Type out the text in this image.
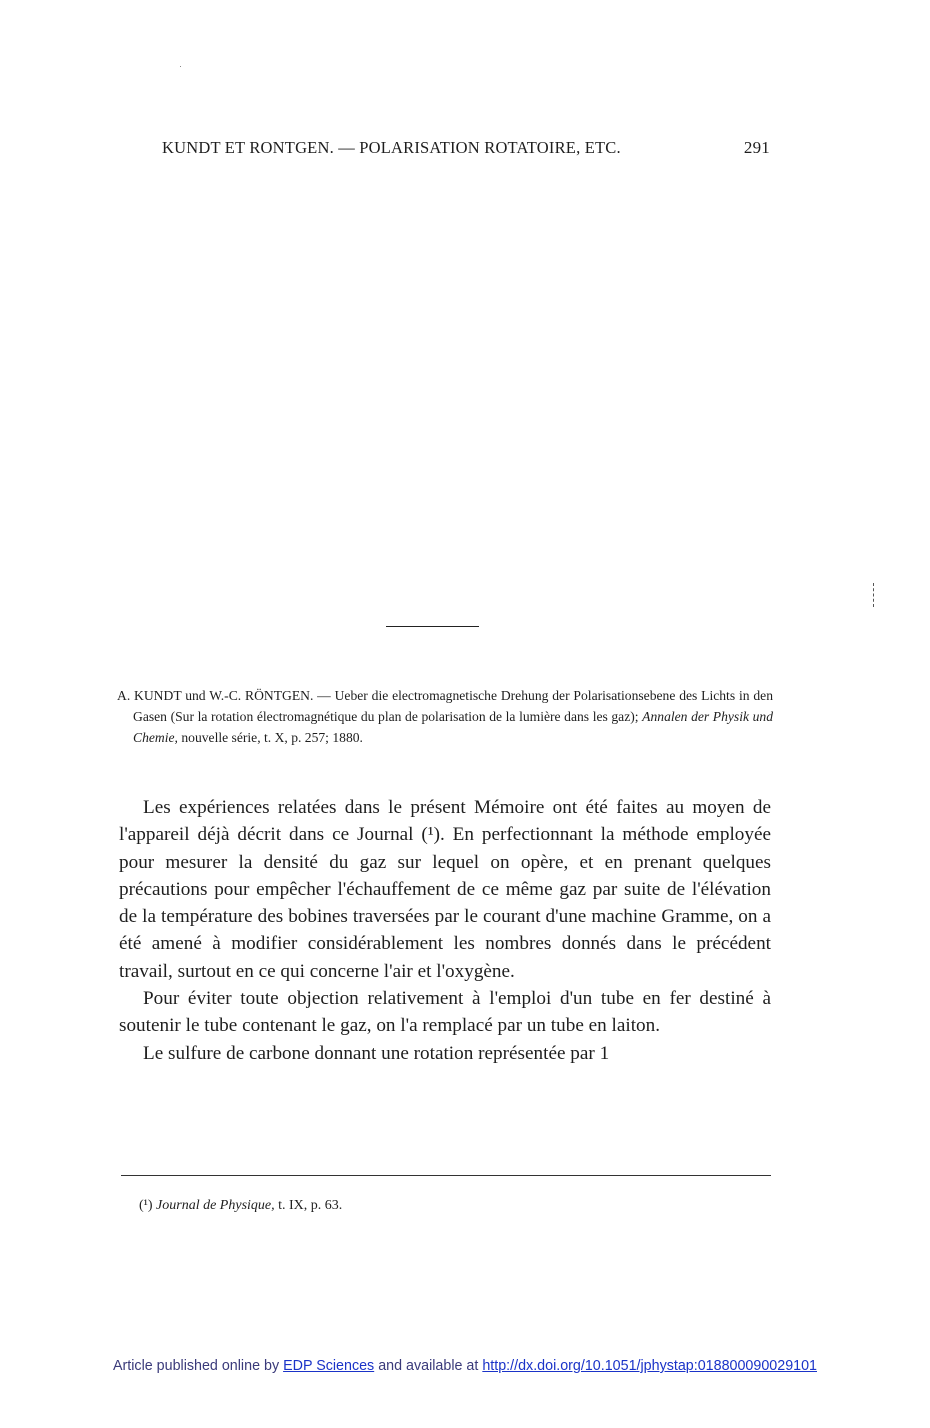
KUNDT ET RONTGEN. — POLARISATION ROTATOIRE, ETC.	291

A. KUNDT und W.-C. RÖNTGEN. — Ueber die electromagnetische Drehung der Polarisationsebene des Lichts in den Gasen (Sur la rotation électromagnétique du plan de polarisation de la lumière dans les gaz); Annalen der Physik und Chemie, nouvelle série, t. X, p. 257; 1880.

Les expériences relatées dans le présent Mémoire ont été faites au moyen de l'appareil déjà décrit dans ce Journal (¹). En perfectionnant la méthode employée pour mesurer la densité du gaz sur lequel on opère, et en prenant quelques précautions pour empêcher l'échauffement de ce même gaz par suite de l'élévation de la température des bobines traversées par le courant d'une machine Gramme, on a été amené à modifier considérablement les nombres donnés dans le précédent travail, surtout en ce qui concerne l'air et l'oxygène.

Pour éviter toute objection relativement à l'emploi d'un tube en fer destiné à soutenir le tube contenant le gaz, on l'a remplacé par un tube en laiton.

Le sulfure de carbone donnant une rotation représentée par 1

(¹) Journal de Physique, t. IX, p. 63.
Article published online by EDP Sciences and available at http://dx.doi.org/10.1051/jphystap:018800090029101
